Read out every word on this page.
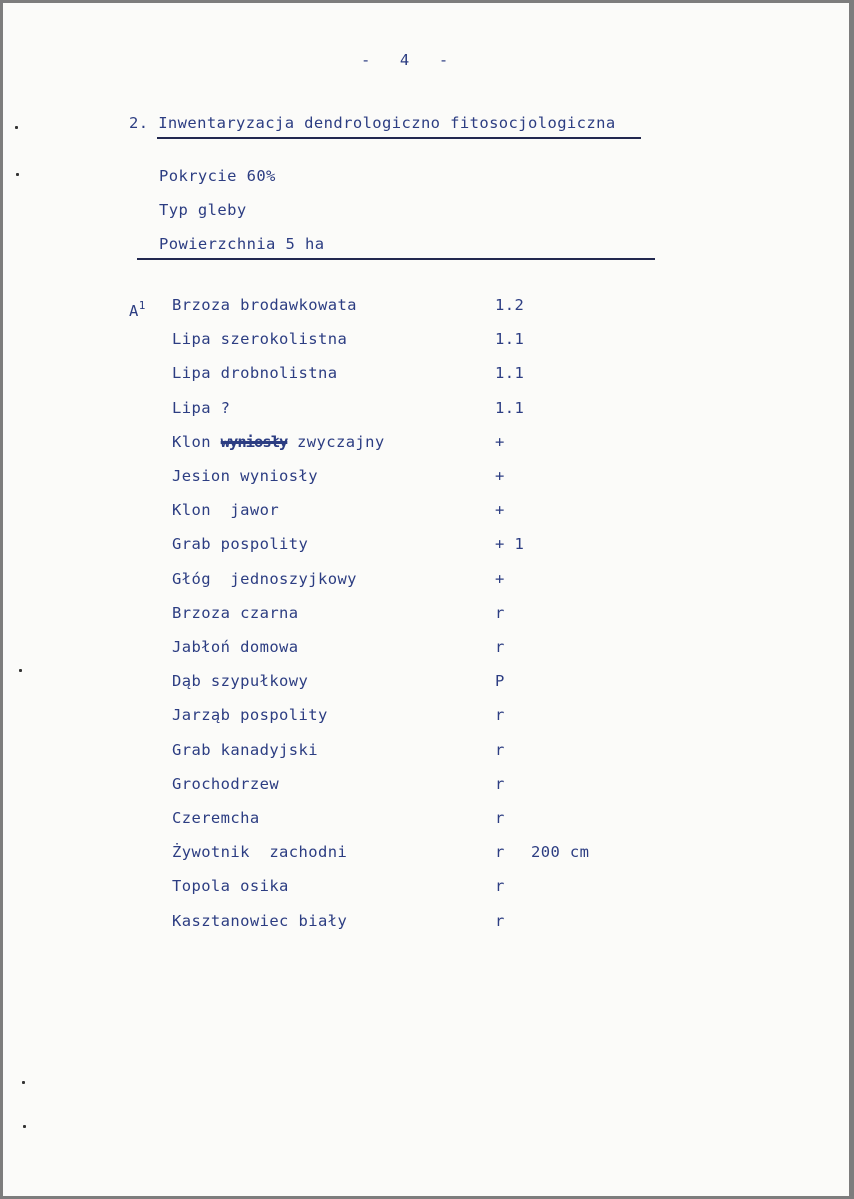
-   4   -
2. Inwentaryzacja dendrologiczno fitosocjologiczna
Pokrycie 60%
Typ gleby
Powierzchnia 5 ha
$A^1$ Brzoza brodawkowata	1.2
Lipa szerokolistna	1.1
Lipa drobnolistna	1.1
Lipa ?	1.1
Klon wyniosły zwyczajny	+
Jesion wyniosły	+
Klon  jawor	+
Grab pospolity	+ 1
Głóg  jednoszyjkowy	+
Brzoza czarna	r
Jabłoń domowa	r
Dąb szypułkowy	P
Jarząb pospolity	r
Grab kanadyjski	r
Grochodrzew	r
Czeremcha	r
Żywotnik  zachodni	r 200 cm
Topola osika	r
Kasztanowiec biały	r
